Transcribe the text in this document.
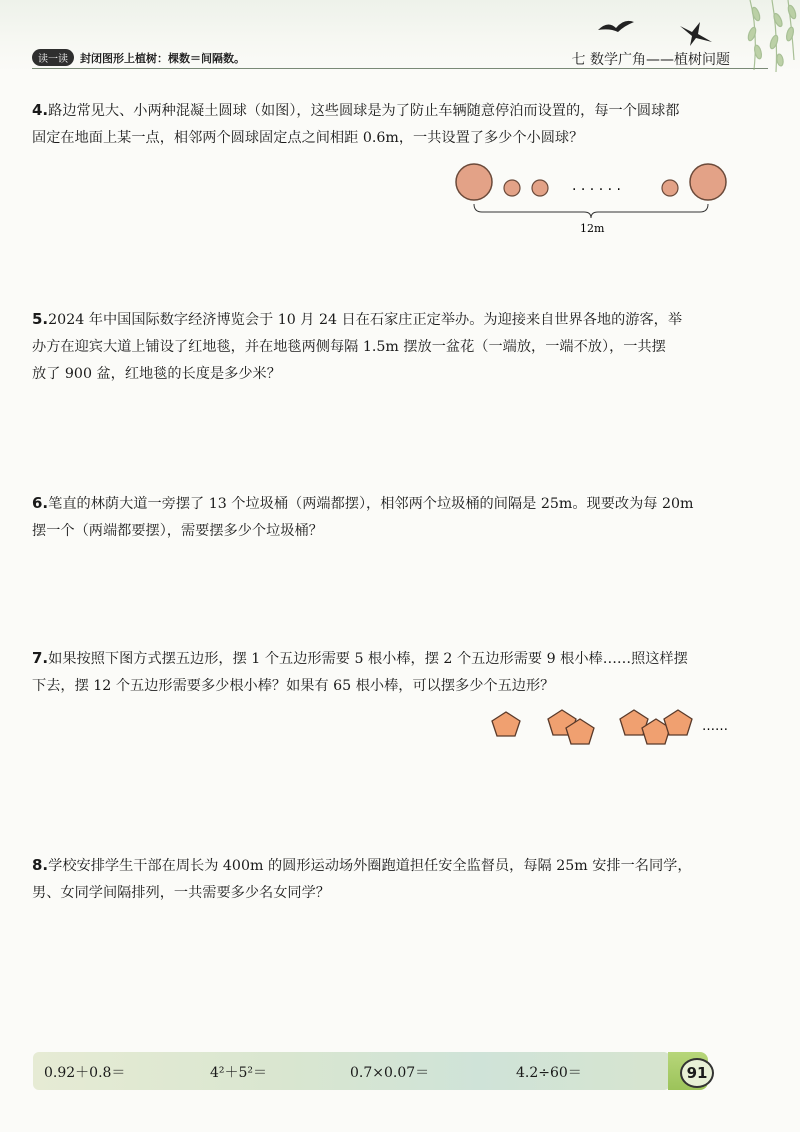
读一读	封闭图形上植树：棵数＝间隔数。	七 数学广角——植树问题

4.路边常见大、小两种混凝土圆球（如图），这些圆球是为了防止车辆随意停泊而设置的，每一个圆球都

固定在地面上某一点，相邻两个圆球固定点之间相距 0.6m，一共设置了多少个小圆球？

· · · · · ·
12m

5.2024 年中国国际数字经济博览会于 10 月 24 日在石家庄正定举办。为迎接来自世界各地的游客，举

办方在迎宾大道上铺设了红地毯，并在地毯两侧每隔 1.5m 摆放一盆花（一端放，一端不放），一共摆

放了 900 盆，红地毯的长度是多少米？

6.笔直的林荫大道一旁摆了 13 个垃圾桶（两端都摆），相邻两个垃圾桶的间隔是 25m。现要改为每 20m

摆一个（两端都要摆），需要摆多少个垃圾桶？

7.如果按照下图方式摆五边形，摆 1 个五边形需要 5 根小棒，摆 2 个五边形需要 9 根小棒……照这样摆

下去，摆 12 个五边形需要多少根小棒？如果有 65 根小棒，可以摆多少个五边形？

……

8.学校安排学生干部在周长为 400m 的圆形运动场外圈跑道担任安全监督员，每隔 25m 安排一名同学，

男、女同学间隔排列，一共需要多少名女同学？

0.92＋0.8＝	4²＋5²＝	0.7×0.07＝	4.2÷60＝	91
